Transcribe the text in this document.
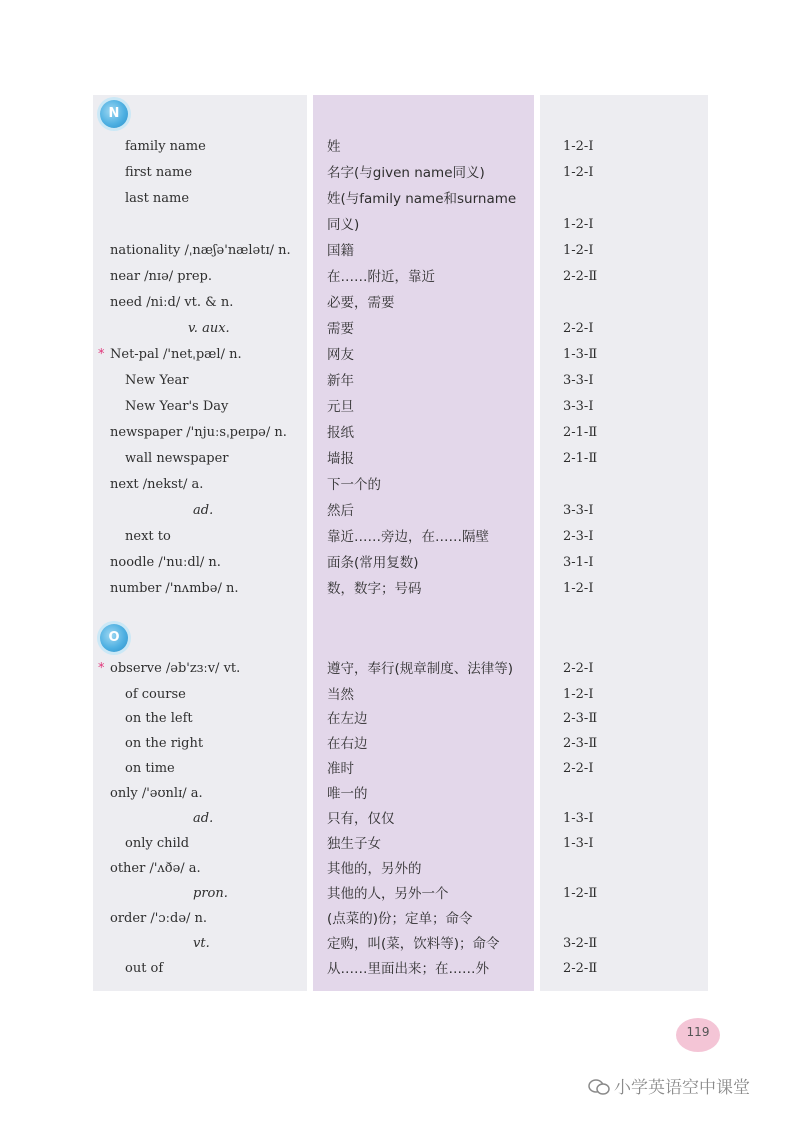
N
O
family name	姓	1-2-Ⅰ
first name	名字(与given name同义)	1-2-Ⅰ
last name	姓(与family name和surname
同义)	1-2-Ⅰ
nationality /ˌnæʃə'nælətɪ/ n.	国籍	1-2-Ⅰ
near /nɪə/ prep.	在……附近，靠近	2-2-Ⅱ
need /niːd/ vt. & n.	必要，需要
v. aux.	需要	2-2-Ⅰ
* Net-pal /'netˌpæl/ n.	网友	1-3-Ⅱ
New Year	新年	3-3-Ⅰ
New Year's Day	元旦	3-3-Ⅰ
newspaper /'njuːsˌpeɪpə/ n.	报纸	2-1-Ⅱ
wall newspaper	墙报	2-1-Ⅱ
next /nekst/ a.	下一个的
ad.	然后	3-3-Ⅰ
next to	靠近……旁边，在……隔壁	2-3-Ⅰ
noodle /'nuːdl/ n.	面条(常用复数)	3-1-Ⅰ
number /'nʌmbə/ n.	数，数字；号码	1-2-Ⅰ
* observe /əb'zɜːv/ vt.	遵守，奉行(规章制度、法律等)	2-2-Ⅰ
of course	当然	1-2-Ⅰ
on the left	在左边	2-3-Ⅱ
on the right	在右边	2-3-Ⅱ
on time	准时	2-2-Ⅰ
only /'əʊnlɪ/ a.	唯一的
ad.	只有，仅仅	1-3-Ⅰ
only child	独生子女	1-3-Ⅰ
other /'ʌðə/ a.	其他的，另外的
pron.	其他的人，另外一个	1-2-Ⅱ
order /'ɔːdə/ n.	(点菜的)份；定单；命令
vt.	定购，叫(菜，饮料等)；命令	3-2-Ⅱ
out of	从……里面出来；在……外	2-2-Ⅱ
119
小学英语空中课堂
